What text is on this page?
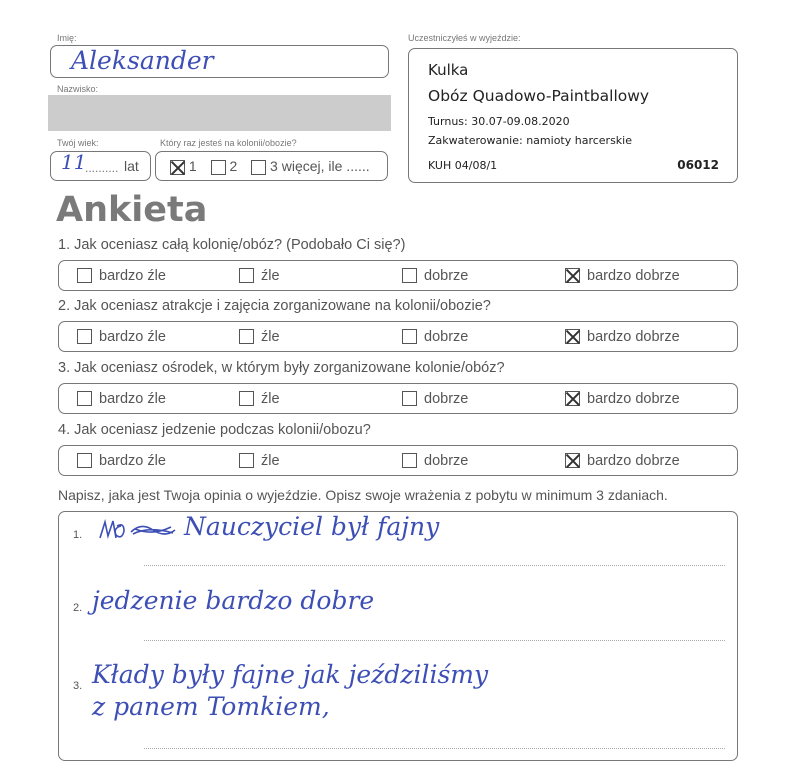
Imię:
Aleksander
Nazwisko:
Twój wiek:
11
.......... lat
Który raz jesteś na kolonii/obozie?
1 2 3 więcej, ile ......
Uczestniczyłeś w wyjeździe:
Kulka
Obóz Quadowo-Paintballowy
Turnus: 30.07-09.08.2020
Zakwaterowanie: namioty harcerskie
KUH 04/08/1	06012
Ankieta
1. Jak oceniasz całą kolonię/obóz? (Podobało Ci się?)
bardzo źle	źle	dobrze	bardzo dobrze
2. Jak oceniasz atrakcje i zajęcia zorganizowane na kolonii/obozie?
bardzo źle	źle	dobrze	bardzo dobrze
3. Jak oceniasz ośrodek, w którym były zorganizowane kolonie/obóz?
bardzo źle	źle	dobrze	bardzo dobrze
4. Jak oceniasz jedzenie podczas kolonii/obozu?
bardzo źle	źle	dobrze	bardzo dobrze
Napisz, jaka jest Twoja opinia o wyjeździe. Opisz swoje wrażenia z pobytu w minimum 3 zdaniach.
1.
2.
3.
Nauczyciel był fajny
jedzenie bardzo dobre
Kłady były fajne jak jeździliśmy
z panem Tomkiem,
